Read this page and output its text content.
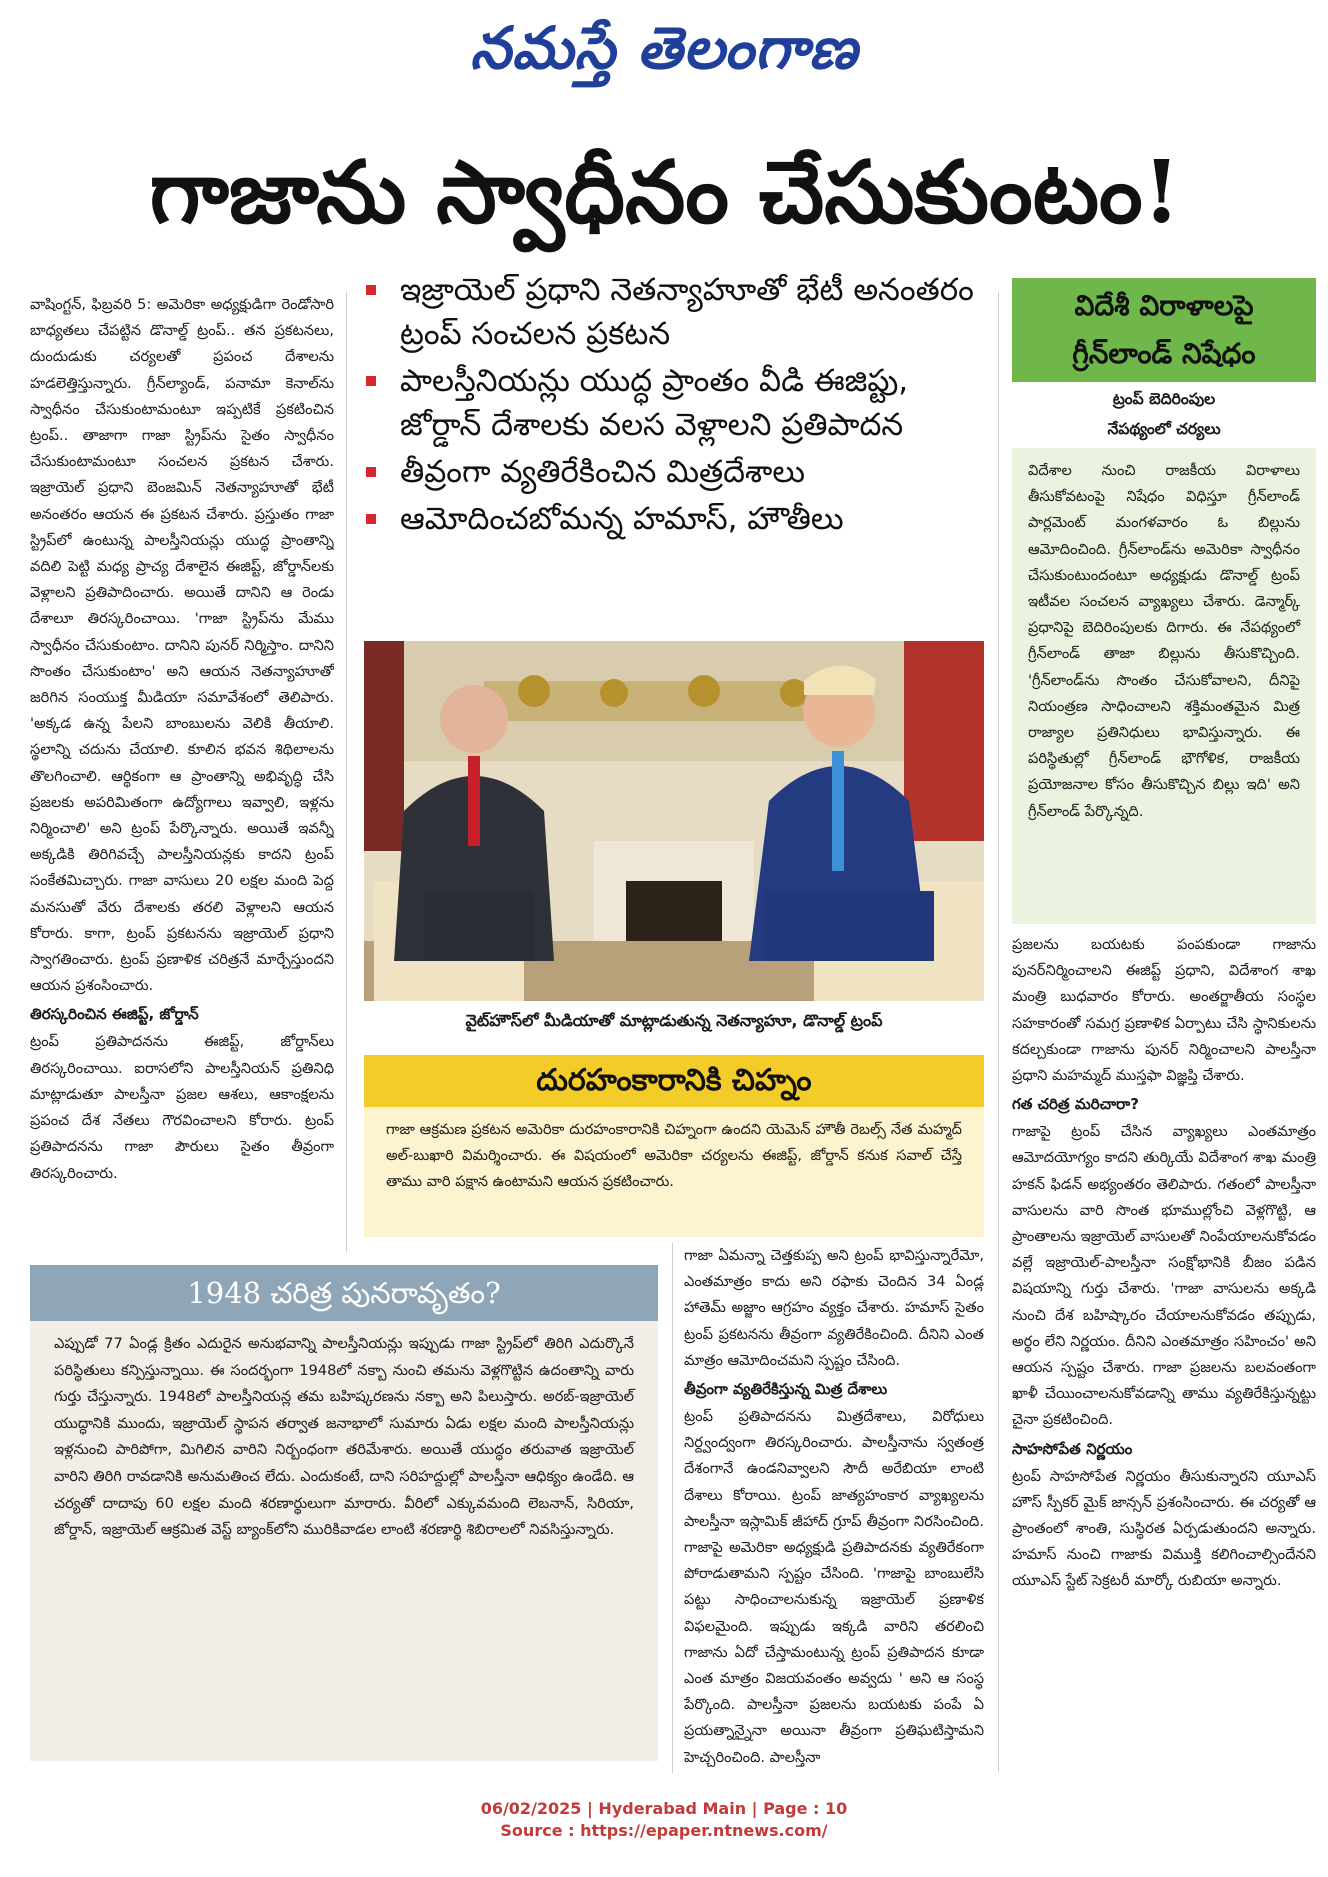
నమస్తే తెలంగాణ
గాజాను స్వాధీనం చేసుకుంటం!

వాషింగ్టన్, ఫిబ్రవరి 5: అమెరికా అధ్యక్షుడిగా రెండోసారి బాధ్యతలు చేపట్టిన డొనాల్డ్ ట్రంప్.. తన ప్రకటనలు, దుందుడుకు చర్యలతో ప్రపంచ దేశాలను హడలెత్తిస్తున్నారు. గ్రీన్‌ల్యాండ్, పనామా కెనాల్‌ను స్వాధీనం చేసుకుంటామంటూ ఇప్పటికే ప్రకటించిన ట్రంప్.. తాజాగా గాజా స్ట్రిప్‌ను సైతం స్వాధీనం చేసుకుంటామంటూ సంచలన ప్రకటన చేశారు. ఇజ్రాయెల్ ప్రధాని బెంజమిన్ నెతన్యాహూతో భేటీ అనంతరం ఆయన ఈ ప్రకటన చేశారు. ప్రస్తుతం గాజా స్ట్రిప్‌లో ఉంటున్న పాలస్తీనియన్లు యుద్ధ ప్రాంతాన్ని వదిలి పెట్టి మధ్య ప్రాచ్య దేశాలైన ఈజిప్ట్, జోర్డాన్‌లకు వెళ్లాలని ప్రతిపాదించారు. అయితే దానిని ఆ రెండు దేశాలూ తిరస్కరించాయి. 'గాజా స్ట్రిప్‌ను మేము స్వాధీనం చేసుకుంటాం. దానిని పునర్ నిర్మిస్తాం. దానిని సొంతం చేసుకుంటాం' అని ఆయన నెతన్యాహూతో జరిగిన సంయుక్త మీడియా సమావేశంలో తెలిపారు. 'అక్కడ ఉన్న పేలని బాంబులను వెలికి తీయాలి. స్థలాన్ని చదును చేయాలి. కూలిన భవన శిథిలాలను తొలగించాలి. ఆర్థికంగా ఆ ప్రాంతాన్ని అభివృద్ధి చేసి ప్రజలకు అపరిమితంగా ఉద్యోగాలు ఇవ్వాలి, ఇళ్లను నిర్మించాలి' అని ట్రంప్ పేర్కొన్నారు. అయితే ఇవన్నీ అక్కడికి తిరిగివచ్చే పాలస్తీనియన్లకు కాదని ట్రంప్ సంకేతమిచ్చారు. గాజా వాసులు 20 లక్షల మంది పెద్ద మనసుతో వేరు దేశాలకు తరలి వెళ్లాలని ఆయన కోరారు. కాగా, ట్రంప్ ప్రకటనను ఇజ్రాయెల్ ప్రధాని స్వాగతించారు. ట్రంప్ ప్రణాళిక చరిత్రనే మార్చేస్తుందని ఆయన ప్రశంసించారు.

తిరస్కరించిన ఈజిప్ట్, జోర్డాన్

ట్రంప్ ప్రతిపాదనను ఈజిప్ట్, జోర్డాన్‌లు తిరస్కరించాయి. ఐరాసలోని పాలస్తీనియన్ ప్రతినిధి మాట్లాడుతూ పాలస్తీనా ప్రజల ఆశలు, ఆకాంక్షలను ప్రపంచ దేశ నేతలు గౌరవించాలని కోరారు. ట్రంప్ ప్రతిపాదనను గాజా పౌరులు సైతం తీవ్రంగా తిరస్కరించారు.

ఇజ్రాయెల్ ప్రధాని నెతన్యాహూతో భేటీ అనంతరం ట్రంప్ సంచలన ప్రకటన
పాలస్తీనియన్లు యుద్ధ ప్రాంతం వీడి ఈజిప్టు, జోర్డాన్ దేశాలకు వలస వెళ్లాలని ప్రతిపాదన
తీవ్రంగా వ్యతిరేకించిన మిత్రదేశాలు
ఆమోదించబోమన్న హమాస్, హౌతీలు
వైట్‌హౌస్‌లో మీడియాతో మాట్లాడుతున్న నెతన్యాహూ, డొనాల్డ్ ట్రంప్
దురహంకారానికి చిహ్నం
గాజా ఆక్రమణ ప్రకటన అమెరికా దురహంకారానికి చిహ్నంగా ఉందని యెమెన్ హౌతీ రెబల్స్ నేత మహ్మద్ అల్-బుఖారి విమర్శించారు. ఈ విషయంలో అమెరికా చర్యలను ఈజిప్ట్, జోర్డాన్ కనుక సవాల్ చేస్తే తాము వారి పక్షాన ఉంటామని ఆయన ప్రకటించారు.
విదేశీ విరాళాలపై
గ్రీన్‌లాండ్ నిషేధం
ట్రంప్ బెదిరింపుల
నేపథ్యంలో చర్యలు
విదేశాల నుంచి రాజకీయ విరాళాలు తీసుకోవటంపై నిషేధం విధిస్తూ గ్రీన్‌లాండ్ పార్లమెంట్ మంగళవారం ఓ బిల్లును ఆమోదించింది. గ్రీన్‌లాండ్‌ను అమెరికా స్వాధీనం చేసుకుంటుందంటూ అధ్యక్షుడు డొనాల్డ్ ట్రంప్ ఇటీవల సంచలన వ్యాఖ్యలు చేశారు. డెన్మార్క్ ప్రధానిపై బెదిరింపులకు దిగారు. ఈ నేపథ్యంలో గ్రీన్‌లాండ్ తాజా బిల్లును తీసుకొచ్చింది. 'గ్రీన్‌లాండ్‌ను సొంతం చేసుకోవాలని, దీనిపై నియంత్రణ సాధించాలని శక్తిమంతమైన మిత్ర రాజ్యాల ప్రతినిధులు భావిస్తున్నారు. ఈ పరిస్థితుల్లో గ్రీన్‌లాండ్ భౌగోళిక, రాజకీయ ప్రయోజనాల కోసం తీసుకొచ్చిన బిల్లు ఇది' అని గ్రీన్‌లాండ్ పేర్కొన్నది.

గాజా ఏమన్నా చెత్తకుప్ప అని ట్రంప్ భావిస్తున్నారేమో, ఎంతమాత్రం కాదు అని రఫాకు చెందిన 34 ఏండ్ల హాతెమ్ అజ్జాం ఆగ్రహం వ్యక్తం చేశారు. హమాస్ సైతం ట్రంప్ ప్రకటనను తీవ్రంగా వ్యతిరేకించింది. దీనిని ఎంత మాత్రం ఆమోదించమని స్పష్టం చేసింది.

తీవ్రంగా వ్యతిరేకిస్తున్న మిత్ర దేశాలు

ట్రంప్ ప్రతిపాదనను మిత్రదేశాలు, విరోధులు నిర్ద్వంద్వంగా తిరస్కరించారు. పాలస్తీనాను స్వతంత్ర దేశంగానే ఉండనివ్వాలని సౌదీ అరేబియా లాంటి దేశాలు కోరాయి. ట్రంప్ జాత్యహంకార వ్యాఖ్యలను పాలస్తీనా ఇస్లామిక్ జీహాద్ గ్రూప్ తీవ్రంగా నిరసించింది. గాజాపై అమెరికా అధ్యక్షుడి ప్రతిపాదనకు వ్యతిరేకంగా పోరాడుతామని స్పష్టం చేసింది. 'గాజాపై బాంబులేసి పట్టు సాధించాలనుకున్న ఇజ్రాయెల్ ప్రణాళిక విఫలమైంది. ఇప్పుడు ఇక్కడి వారిని తరలించి గాజాను ఏదో చేస్తామంటున్న ట్రంప్ ప్రతిపాదన కూడా ఎంత మాత్రం విజయవంతం అవ్వదు ' అని ఆ సంస్థ పేర్కొంది. పాలస్తీనా ప్రజలను బయటకు పంపే ఏ ప్రయత్నాన్నైనా అయినా తీవ్రంగా ప్రతిఘటిస్తామని హెచ్చరించింది. పాలస్తీనా

ప్రజలను బయటకు పంపకుండా గాజాను పునర్‌నిర్మించాలని ఈజిప్ట్ ప్రధాని, విదేశాంగ శాఖ మంత్రి బుధవారం కోరారు. అంతర్జాతీయ సంస్థల సహకారంతో సమగ్ర ప్రణాళిక ఏర్పాటు చేసి స్థానికులను కదల్చకుండా గాజాను పునర్ నిర్మించాలని పాలస్తీనా ప్రధాని మహమ్మద్ ముస్తఫా విజ్ఞప్తి చేశారు.

గత చరిత్ర మరిచారా?

గాజాపై ట్రంప్ చేసిన వ్యాఖ్యలు ఎంతమాత్రం ఆమోదయోగ్యం కాదని తుర్కియే విదేశాంగ శాఖ మంత్రి హకన్ ఫిడన్ అభ్యంతరం తెలిపారు. గతంలో పాలస్తీనా వాసులను వారి సొంత భూముల్లోంచి వెళ్లగొట్టి, ఆ ప్రాంతాలను ఇజ్రాయెల్ వాసులతో నింపేయాలనుకోవడం వల్లే ఇజ్రాయెల్-పాలస్తీనా సంక్షోభానికి బీజం పడిన విషయాన్ని గుర్తు చేశారు. 'గాజా వాసులను అక్కడి నుంచి దేశ బహిష్కారం చేయాలనుకోవడం తప్పుడు, అర్థం లేని నిర్ణయం. దీనిని ఎంతమాత్రం సహించం' అని ఆయన స్పష్టం చేశారు. గాజా ప్రజలను బలవంతంగా ఖాళీ చేయించాలనుకోవడాన్ని తాము వ్యతిరేకిస్తున్నట్టు చైనా ప్రకటించింది.

సాహసోపేత నిర్ణయం

ట్రంప్ సాహసోపేత నిర్ణయం తీసుకున్నారని యూఎస్ హౌస్ స్పీకర్ మైక్ జాన్సన్ ప్రశంసించారు. ఈ చర్యతో ఆ ప్రాంతంలో శాంతి, సుస్థిరత ఏర్పడుతుందని అన్నారు. హమాస్ నుంచి గాజాకు విముక్తి కలిగించాల్సిందేనని యూఎస్ స్టేట్ సెక్రటరీ మార్కో రుబియా అన్నారు.

1948 చరిత్ర పునరావృతం?
ఎప్పుడో 77 ఏండ్ల క్రితం ఎదురైన అనుభవాన్ని పాలస్తీనియన్లు ఇప్పుడు గాజా స్ట్రిప్‌లో తిరిగి ఎదుర్కొనే పరిస్థితులు కన్పిస్తున్నాయి. ఈ సందర్భంగా 1948లో నక్బా నుంచి తమను వెళ్లగొట్టిన ఉదంతాన్ని వారు గుర్తు చేస్తున్నారు. 1948లో పాలస్తీనియన్ల తమ బహిష్కరణను నక్బా అని పిలుస్తారు. అరబ్-ఇజ్రాయెల్ యుద్ధానికి ముందు, ఇజ్రాయెల్ స్థాపన తర్వాత జనాభాలో సుమారు ఏడు లక్షల మంది పాలస్తీనియన్లు ఇళ్లనుంచి పారిపోగా, మిగిలిన వారిని నిర్బంధంగా తరిమేశారు. అయితే యుద్ధం తరువాత ఇజ్రాయెల్ వారిని తిరిగి రావడానికి అనుమతించ లేదు. ఎందుకంటే, దాని సరిహద్దుల్లో పాలస్తీనా ఆధిక్యం ఉండేది. ఆ చర్యతో దాదాపు 60 లక్షల మంది శరణార్థులుగా మారారు. వీరిలో ఎక్కువమంది లెబనాన్, సిరియా, జోర్డాన్, ఇజ్రాయెల్ ఆక్రమిత వెస్ట్ బ్యాంక్‌లోని మురికివాడల లాంటి శరణార్థి శిబిరాలలో నివసిస్తున్నారు.
06/02/2025 | Hyderabad Main | Page : 10
Source : https://epaper.ntnews.com/
